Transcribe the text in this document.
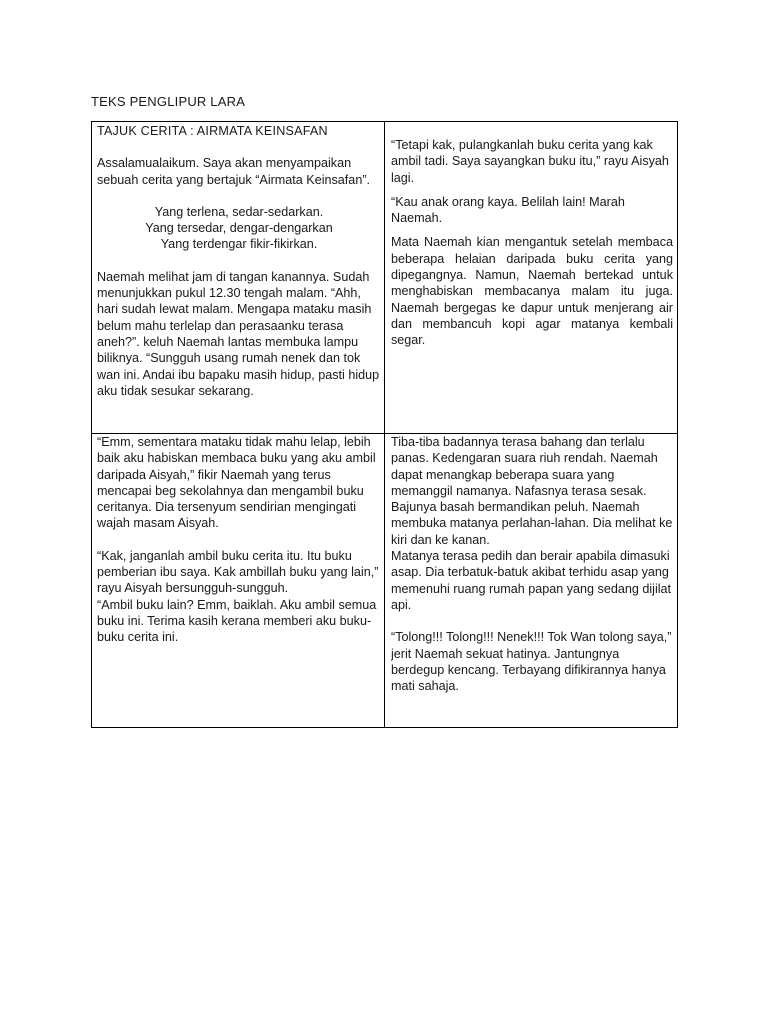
TEKS PENGLIPUR LARA

TAJUK CERITA : AIRMATA KEINSAFAN

Assalamualaikum. Saya akan menyampaikan sebuah cerita yang bertajuk “Airmata Keinsafan”.

Yang terlena, sedar-sedarkan.

Yang tersedar, dengar-dengarkan

Yang terdengar fikir-fikirkan.

Naemah melihat jam di tangan kanannya. Sudah menunjukkan pukul 12.30 tengah malam. “Ahh, hari sudah lewat malam. Mengapa mataku masih belum mahu terlelap dan perasaanku terasa aneh?”. keluh Naemah lantas membuka lampu biliknya. “Sungguh usang rumah nenek dan tok wan ini. Andai ibu bapaku masih hidup, pasti hidup aku tidak sesukar sekarang.

“Tetapi kak, pulangkanlah buku cerita yang kak ambil tadi. Saya sayangkan buku itu,” rayu Aisyah lagi.

“Kau anak orang kaya. Belilah lain! Marah Naemah.

Mata Naemah kian mengantuk setelah membaca beberapa helaian daripada buku cerita yang dipegangnya. Namun, Naemah bertekad untuk menghabiskan membacanya malam itu juga. Naemah bergegas ke dapur untuk menjerang air dan membancuh kopi agar matanya kembali segar.

“Emm, sementara mataku tidak mahu lelap, lebih baik aku habiskan membaca buku yang aku ambil daripada Aisyah,” fikir Naemah yang terus mencapai beg sekolahnya dan mengambil buku ceritanya. Dia tersenyum sendirian mengingati wajah masam Aisyah.

“Kak, janganlah ambil buku cerita itu. Itu buku pemberian ibu saya. Kak ambillah buku yang lain,” rayu Aisyah bersungguh-sungguh.

“Ambil buku lain? Emm, baiklah. Aku ambil semua buku ini. Terima kasih kerana memberi aku buku-buku cerita ini.

Tiba-tiba badannya terasa bahang dan terlalu panas. Kedengaran suara riuh rendah. Naemah dapat menangkap beberapa suara yang memanggil namanya. Nafasnya terasa sesak. Bajunya basah bermandikan peluh. Naemah membuka matanya perlahan-lahan. Dia melihat ke kiri dan ke kanan.

Matanya terasa pedih dan berair apabila dimasuki asap. Dia terbatuk-batuk akibat terhidu asap yang memenuhi ruang rumah papan yang sedang dijilat api.

“Tolong!!! Tolong!!! Nenek!!! Tok Wan tolong saya,” jerit Naemah sekuat hatinya. Jantungnya berdegup kencang. Terbayang difikirannya hanya mati sahaja.
